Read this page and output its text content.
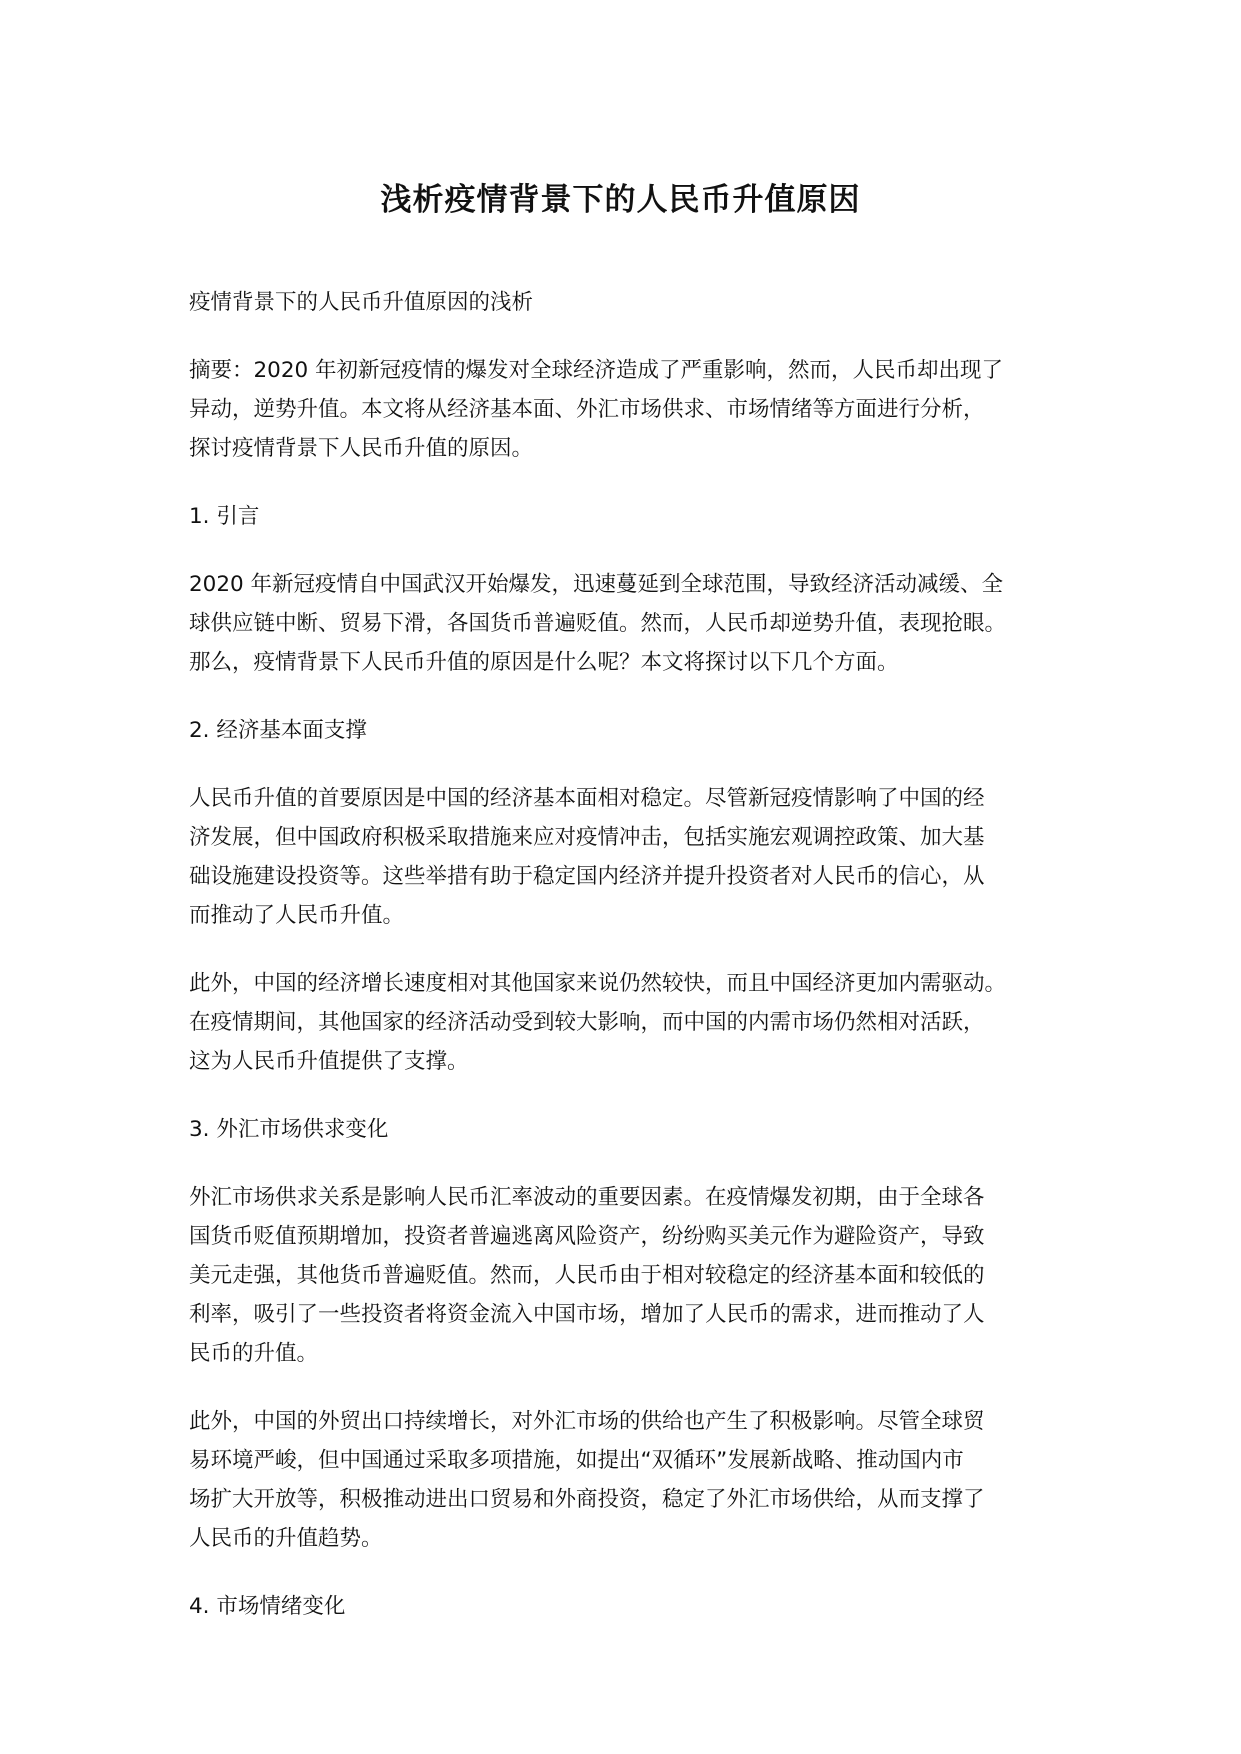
浅析疫情背景下的人民币升值原因

疫情背景下的人民币升值原因的浅析

摘要：2020 年初新冠疫情的爆发对全球经济造成了严重影响，然而，人民币却出现了
异动，逆势升值。本文将从经济基本面、外汇市场供求、市场情绪等方面进行分析，
探讨疫情背景下人民币升值的原因。

1. 引言

2020 年新冠疫情自中国武汉开始爆发，迅速蔓延到全球范围，导致经济活动减缓、全
球供应链中断、贸易下滑，各国货币普遍贬值。然而，人民币却逆势升值，表现抢眼。
那么，疫情背景下人民币升值的原因是什么呢？本文将探讨以下几个方面。

2. 经济基本面支撑

人民币升值的首要原因是中国的经济基本面相对稳定。尽管新冠疫情影响了中国的经
济发展，但中国政府积极采取措施来应对疫情冲击，包括实施宏观调控政策、加大基
础设施建设投资等。这些举措有助于稳定国内经济并提升投资者对人民币的信心，从
而推动了人民币升值。

此外，中国的经济增长速度相对其他国家来说仍然较快，而且中国经济更加内需驱动。
在疫情期间，其他国家的经济活动受到较大影响，而中国的内需市场仍然相对活跃，
这为人民币升值提供了支撑。

3. 外汇市场供求变化

外汇市场供求关系是影响人民币汇率波动的重要因素。在疫情爆发初期，由于全球各
国货币贬值预期增加，投资者普遍逃离风险资产，纷纷购买美元作为避险资产，导致
美元走强，其他货币普遍贬值。然而，人民币由于相对较稳定的经济基本面和较低的
利率，吸引了一些投资者将资金流入中国市场，增加了人民币的需求，进而推动了人
民币的升值。

此外，中国的外贸出口持续增长，对外汇市场的供给也产生了积极影响。尽管全球贸
易环境严峻，但中国通过采取多项措施，如提出“双循环”发展新战略、推动国内市
场扩大开放等，积极推动进出口贸易和外商投资，稳定了外汇市场供给，从而支撑了
人民币的升值趋势。

4. 市场情绪变化
